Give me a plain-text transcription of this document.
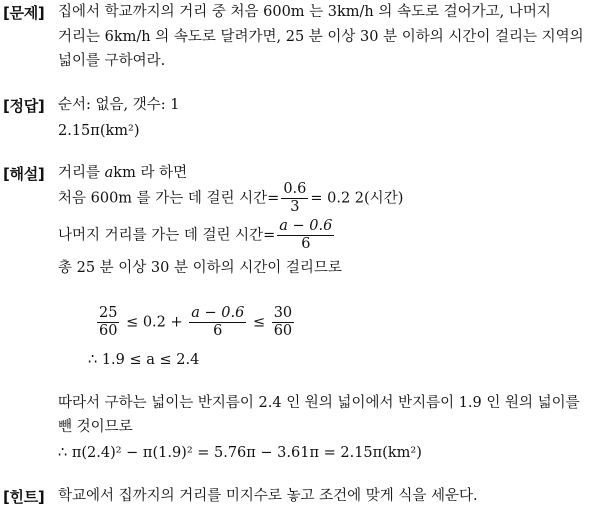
[문제] 집에서 학교까지의 거리 중 처음 600m 는 3km/h 의 속도로 걸어가고, 나머지
거리는 6km/h 의 속도로 달려가면, 25 분 이상 30 분 이하의 시간이 걸리는 지역의
넓이를 구하여라.
[정답] 순서: 없음, 갯수: 1
2.15π(km²)
[해설] 거리를 akm 라 하면
처음 600m 를 가는 데 걸린 시간= $\frac{0.6}{3} = 0.2$ 2(시간)
나머지 거리를 가는 데 걸린 시간= $\frac{a - 0.6}{6}$
총 25 분 이상 30 분 이하의 시간이 걸리므로
$\frac{25}{60} \le 0.2 + \frac{a - 0.6}{6} \le \frac{30}{60}$
∴ 1.9 ≤ a ≤ 2.4
따라서 구하는 넓이는 반지름이 2.4 인 원의 넓이에서 반지름이 1.9 인 원의 넓이를
뺀 것이므로
∴ π(2.4)² − π(1.9)² = 5.76π − 3.61π = 2.15π(km²)
[힌트] 학교에서 집까지의 거리를 미지수로 놓고 조건에 맞게 식을 세운다.
